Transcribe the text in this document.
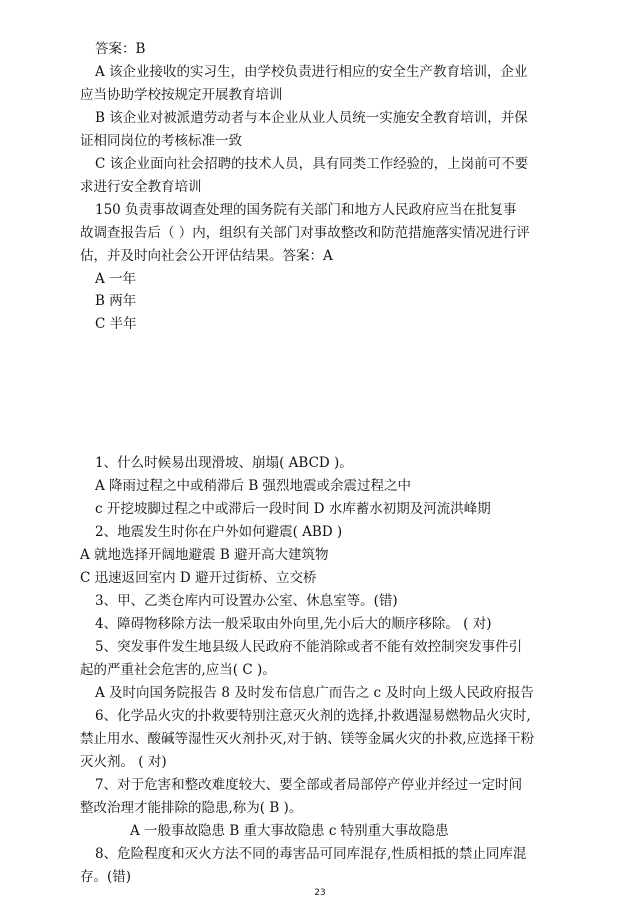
答案：B
A 该企业接收的实习生，由学校负责进行相应的安全生产教育培训，企业
应当协助学校按规定开展教育培训
B 该企业对被派遣劳动者与本企业从业人员统一实施安全教育培训，并保
证相同岗位的考核标准一致
C 该企业面向社会招聘的技术人员，具有同类工作经验的，上岗前可不要
求进行安全教育培训
150 负责事故调查处理的国务院有关部门和地方人民政府应当在批复事
故调查报告后（ ）内，组织有关部门对事故整改和防范措施落实情况进行评
估，并及时向社会公开评估结果。答案：A
A 一年
B 两年
C 半年
1、什么时候易出现滑坡、崩塌( ABCD )。
A 降雨过程之中或稍滞后 B 强烈地震或余震过程之中
c 开挖坡脚过程之中或滞后一段时间 D 水库蓄水初期及河流洪峰期
2、地震发生时你在户外如何避震( ABD )
A 就地选择开阔地避震 B 避开高大建筑物
C 迅速返回室内 D 避开过街桥、立交桥
3、甲、乙类仓库内可设置办公室、休息室等。(错)
4、障碍物移除方法一般采取由外向里,先小后大的顺序移除。 ( 对)
5、突发事件发生地县级人民政府不能消除或者不能有效控制突发事件引
起的严重社会危害的,应当( C )。
A 及时向国务院报告 8 及时发布信息广而告之 c 及时向上级人民政府报告
6、化学品火灾的扑救要特别注意灭火剂的选择,扑救遇湿易燃物品火灾时,
禁止用水、酸碱等湿性灭火剂扑灭,对于钠、镁等金属火灾的扑救,应选择干粉
灭火剂。 ( 对)
7、对于危害和整改难度较大、要全部或者局部停产停业并经过一定时间
整改治理才能排除的隐患,称为( B )。
A 一般事故隐患 B 重大事故隐患 c 特别重大事故隐患
8、危险程度和灭火方法不同的毒害品可同库混存,性质相抵的禁止同库混
存。(错)
23
